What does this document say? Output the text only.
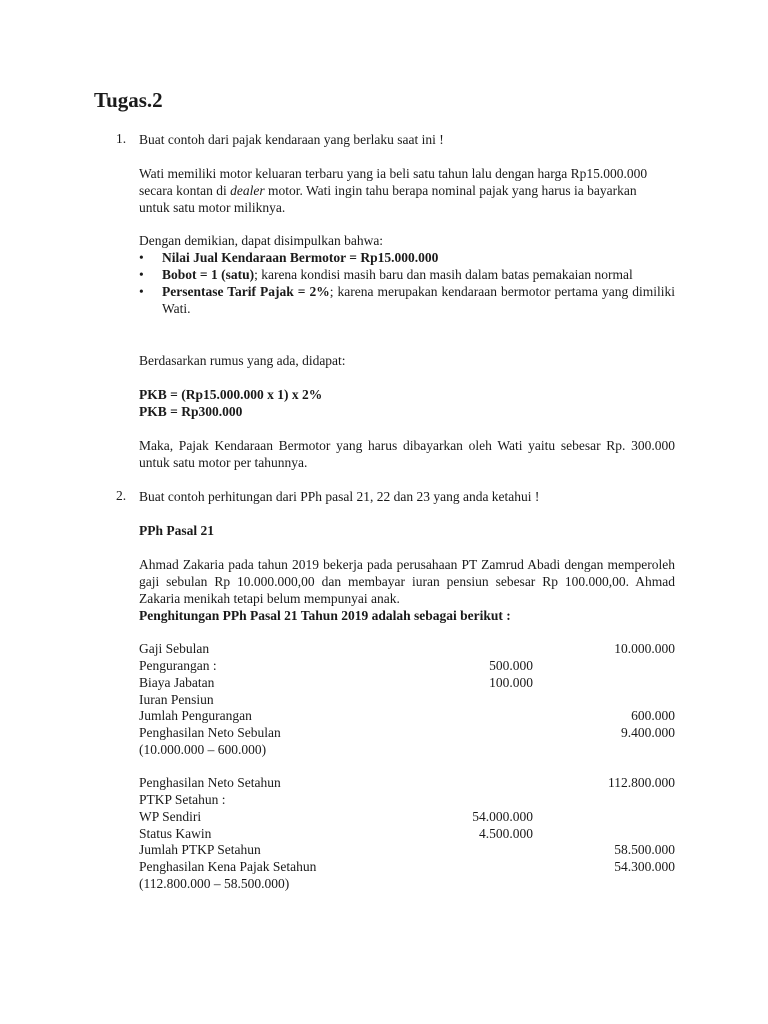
Tugas.2
1. Buat contoh dari pajak kendaraan yang berlaku saat ini !

Wati memiliki motor keluaran terbaru yang ia beli satu tahun lalu dengan harga Rp15.000.000 secara kontan di dealer motor. Wati ingin tahu berapa nominal pajak yang harus ia bayarkan untuk satu motor miliknya.

Dengan demikian, dapat disimpulkan bahwa:

• Nilai Jual Kendaraan Bermotor = Rp15.000.000
• Bobot = 1 (satu); karena kondisi masih baru dan masih dalam batas pemakaian normal
• Persentase Tarif Pajak = 2%; karena merupakan kendaraan bermotor pertama yang dimiliki Wati.

Berdasarkan rumus yang ada, didapat:

PKB = (Rp15.000.000 x 1) x 2%

PKB = Rp300.000

Maka, Pajak Kendaraan Bermotor yang harus dibayarkan oleh Wati yaitu sebesar Rp. 300.000 untuk satu motor per tahunnya.

2. Buat contoh perhitungan dari PPh pasal 21, 22 dan 23 yang anda ketahui !

PPh Pasal 21

Ahmad Zakaria pada tahun 2019 bekerja pada perusahaan PT Zamrud Abadi dengan memperoleh gaji sebulan Rp 10.000.000,00 dan membayar iuran pensiun sebesar Rp 100.000,00. Ahmad Zakaria menikah tetapi belum mempunyai anak.

Penghitungan PPh Pasal 21 Tahun 2019 adalah sebagai berikut :

Gaji Sebulan	10.000.000
Pengurangan :	500.000
Biaya Jabatan	100.000
Iuran Pensiun
Jumlah Pengurangan	600.000
Penghasilan Neto Sebulan	9.400.000
(10.000.000 – 600.000)
Penghasilan Neto Setahun	112.800.000
PTKP Setahun :
WP Sendiri	54.000.000
Status Kawin	4.500.000
Jumlah PTKP Setahun	58.500.000
Penghasilan Kena Pajak Setahun	54.300.000
(112.800.000 – 58.500.000)
